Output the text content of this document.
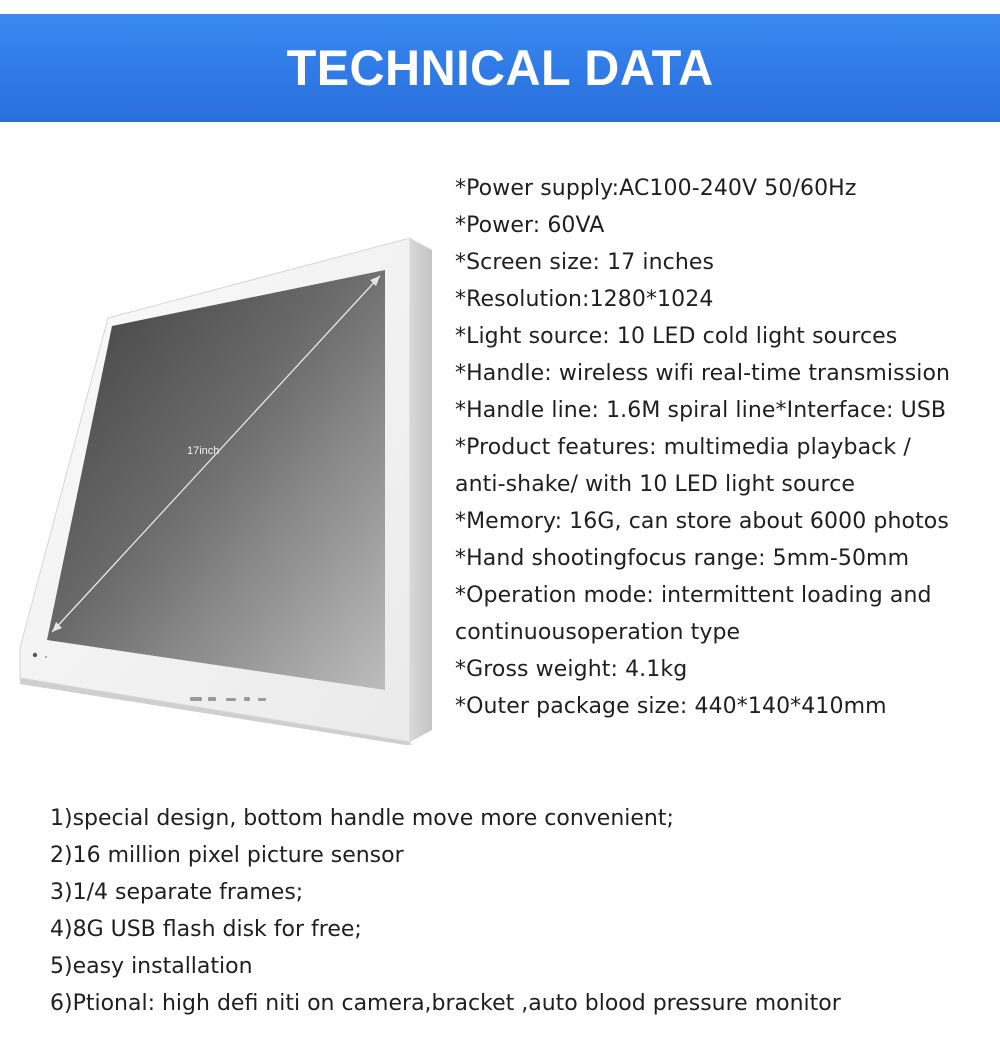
TECHNICAL DATA
17inch
*Power supply:AC100-240V 50/60Hz
*Power: 60VA
*Screen size: 17 inches
*Resolution:1280*1024
*Light source: 10 LED cold light sources
*Handle: wireless wifi real-time transmission
*Handle line: 1.6M spiral line*Interface: USB
*Product features: multimedia playback /
anti-shake/ with 10 LED light source
*Memory: 16G, can store about 6000 photos
*Hand shootingfocus range: 5mm-50mm
*Operation mode: intermittent loading and
continuousoperation type
*Gross weight: 4.1kg
*Outer package size: 440*140*410mm
1)special design, bottom handle move more convenient;
2)16 million pixel picture sensor
3)1/4 separate frames;
4)8G USB flash disk for free;
5)easy installation
6)Ptional: high defi niti on camera,bracket ,auto blood pressure monitor
